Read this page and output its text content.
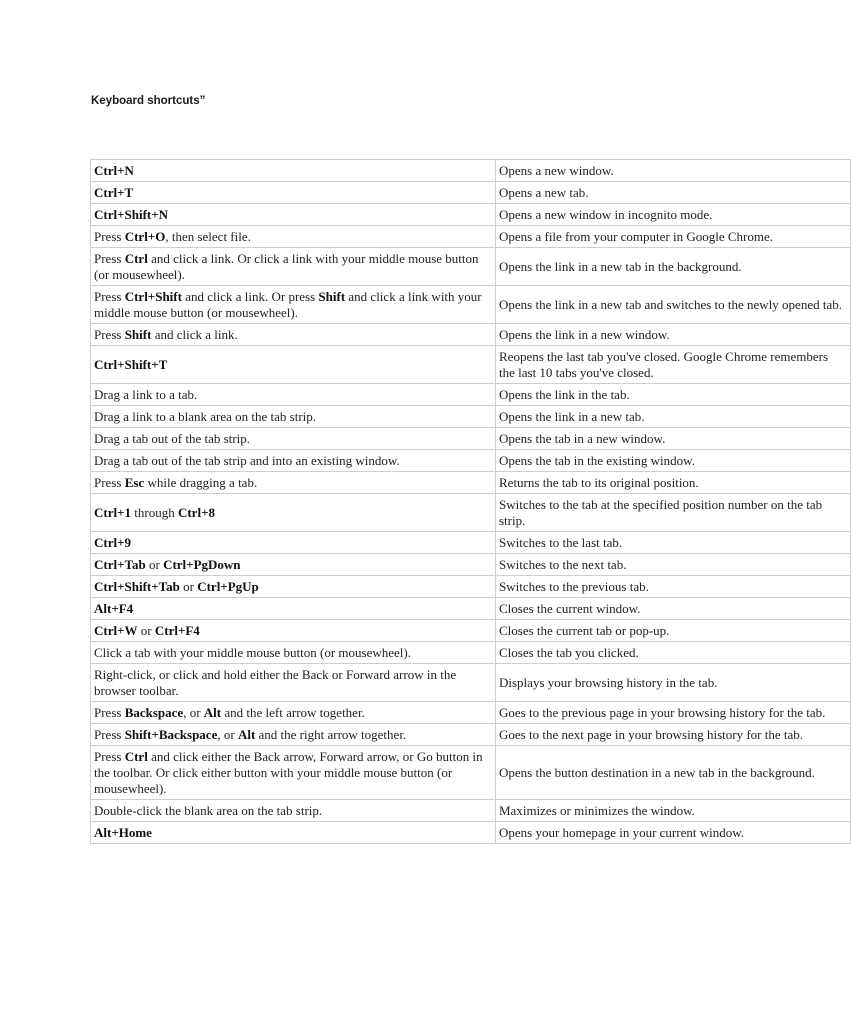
Keyboard shortcuts”
Ctrl+N	Opens a new window.
Ctrl+T	Opens a new tab.
Ctrl+Shift+N	Opens a new window in incognito mode.
Press Ctrl+O, then select file.	Opens a file from your computer in Google Chrome.
Press Ctrl and click a link. Or click a link with your middle mouse button (or mousewheel).	Opens the link in a new tab in the background.
Press Ctrl+Shift and click a link. Or press Shift and click a link with your middle mouse button (or mousewheel).	Opens the link in a new tab and switches to the newly opened tab.
Press Shift and click a link.	Opens the link in a new window.
Ctrl+Shift+T	Reopens the last tab you've closed. Google Chrome remembers
the last 10 tabs you've closed.
Drag a link to a tab.	Opens the link in the tab.
Drag a link to a blank area on the tab strip.	Opens the link in a new tab.
Drag a tab out of the tab strip.	Opens the tab in a new window.
Drag a tab out of the tab strip and into an existing window.	Opens the tab in the existing window.
Press Esc while dragging a tab.	Returns the tab to its original position.
Ctrl+1 through Ctrl+8	Switches to the tab at the specified position number on the tab
strip.
Ctrl+9	Switches to the last tab.
Ctrl+Tab or Ctrl+PgDown	Switches to the next tab.
Ctrl+Shift+Tab or Ctrl+PgUp	Switches to the previous tab.
Alt+F4	Closes the current window.
Ctrl+W or Ctrl+F4	Closes the current tab or pop-up.
Click a tab with your middle mouse button (or mousewheel).	Closes the tab you clicked.
Right-click, or click and hold either the Back or Forward arrow in the browser toolbar.	Displays your browsing history in the tab.
Press Backspace, or Alt and the left arrow together.	Goes to the previous page in your browsing history for the tab.
Press Shift+Backspace, or Alt and the right arrow together.	Goes to the next page in your browsing history for the tab.
Press Ctrl and click either the Back arrow, Forward arrow, or Go button in the toolbar. Or click either button with your middle mouse button (or mousewheel).	Opens the button destination in a new tab in the background.
Double-click the blank area on the tab strip.	Maximizes or minimizes the window.
Alt+Home	Opens your homepage in your current window.
